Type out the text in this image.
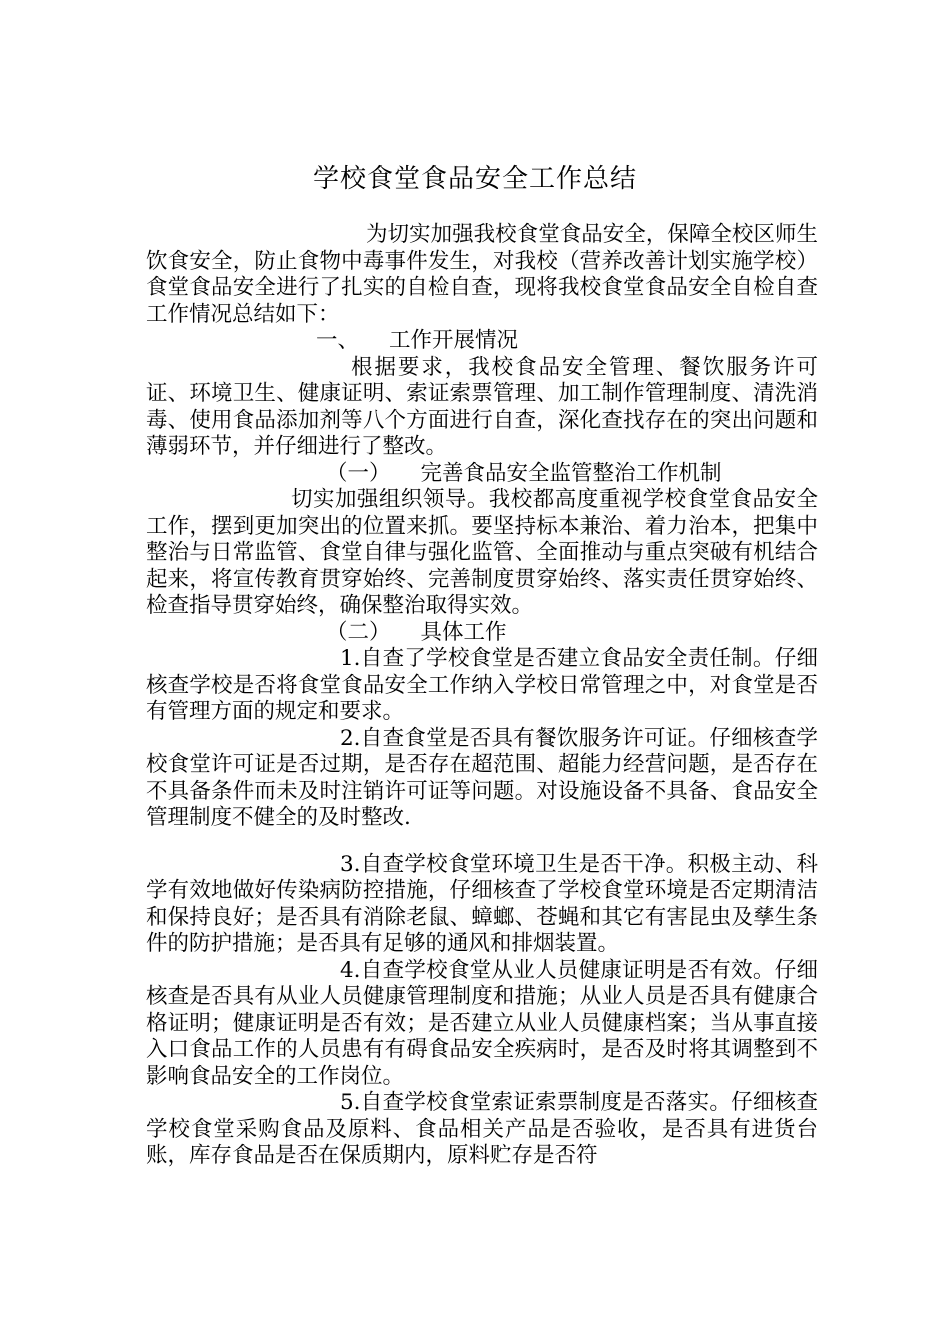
学校食堂食品安全工作总结

为切实加强我校食堂食品安全，保障全校区师生饮食安全，防止食物中毒事件发生，对我校（营养改善计划实施学校）食堂食品安全进行了扎实的自检自查，现将我校食堂食品安全自检自查工作情况总结如下：

一、 工作开展情况

根据要求，我校食品安全管理、餐饮服务许可证、环境卫生、健康证明、索证索票管理、加工制作管理制度、清洗消毒、使用食品添加剂等八个方面进行自查，深化查找存在的突出问题和薄弱环节，并仔细进行了整改。

（一） 完善食品安全监管整治工作机制

切实加强组织领导。我校都高度重视学校食堂食品安全工作，摆到更加突出的位置来抓。要坚持标本兼治、着力治本，把集中整治与日常监管、食堂自律与强化监管、全面推动与重点突破有机结合起来，将宣传教育贯穿始终、完善制度贯穿始终、落实责任贯穿始终、检查指导贯穿始终，确保整治取得实效。

（二） 具体工作

1.自查了学校食堂是否建立食品安全责任制。仔细核查学校是否将食堂食品安全工作纳入学校日常管理之中，对食堂是否有管理方面的规定和要求。

2.自查食堂是否具有餐饮服务许可证。仔细核查学校食堂许可证是否过期，是否存在超范围、超能力经营问题，是否存在不具备条件而未及时注销许可证等问题。对设施设备不具备、食品安全管理制度不健全的及时整改.

3.自查学校食堂环境卫生是否干净。积极主动、科学有效地做好传染病防控措施，仔细核查了学校食堂环境是否定期清洁和保持良好；是否具有消除老鼠、蟑螂、苍蝇和其它有害昆虫及孳生条件的防护措施；是否具有足够的通风和排烟装置。

4.自查学校食堂从业人员健康证明是否有效。仔细核查是否具有从业人员健康管理制度和措施；从业人员是否具有健康合格证明；健康证明是否有效；是否建立从业人员健康档案；当从事直接入口食品工作的人员患有有碍食品安全疾病时，是否及时将其调整到不影响食品安全的工作岗位。

5.自查学校食堂索证索票制度是否落实。仔细核查学校食堂采购食品及原料、食品相关产品是否验收，是否具有进货台账，库存食品是否在保质期内，原料贮存是否符
